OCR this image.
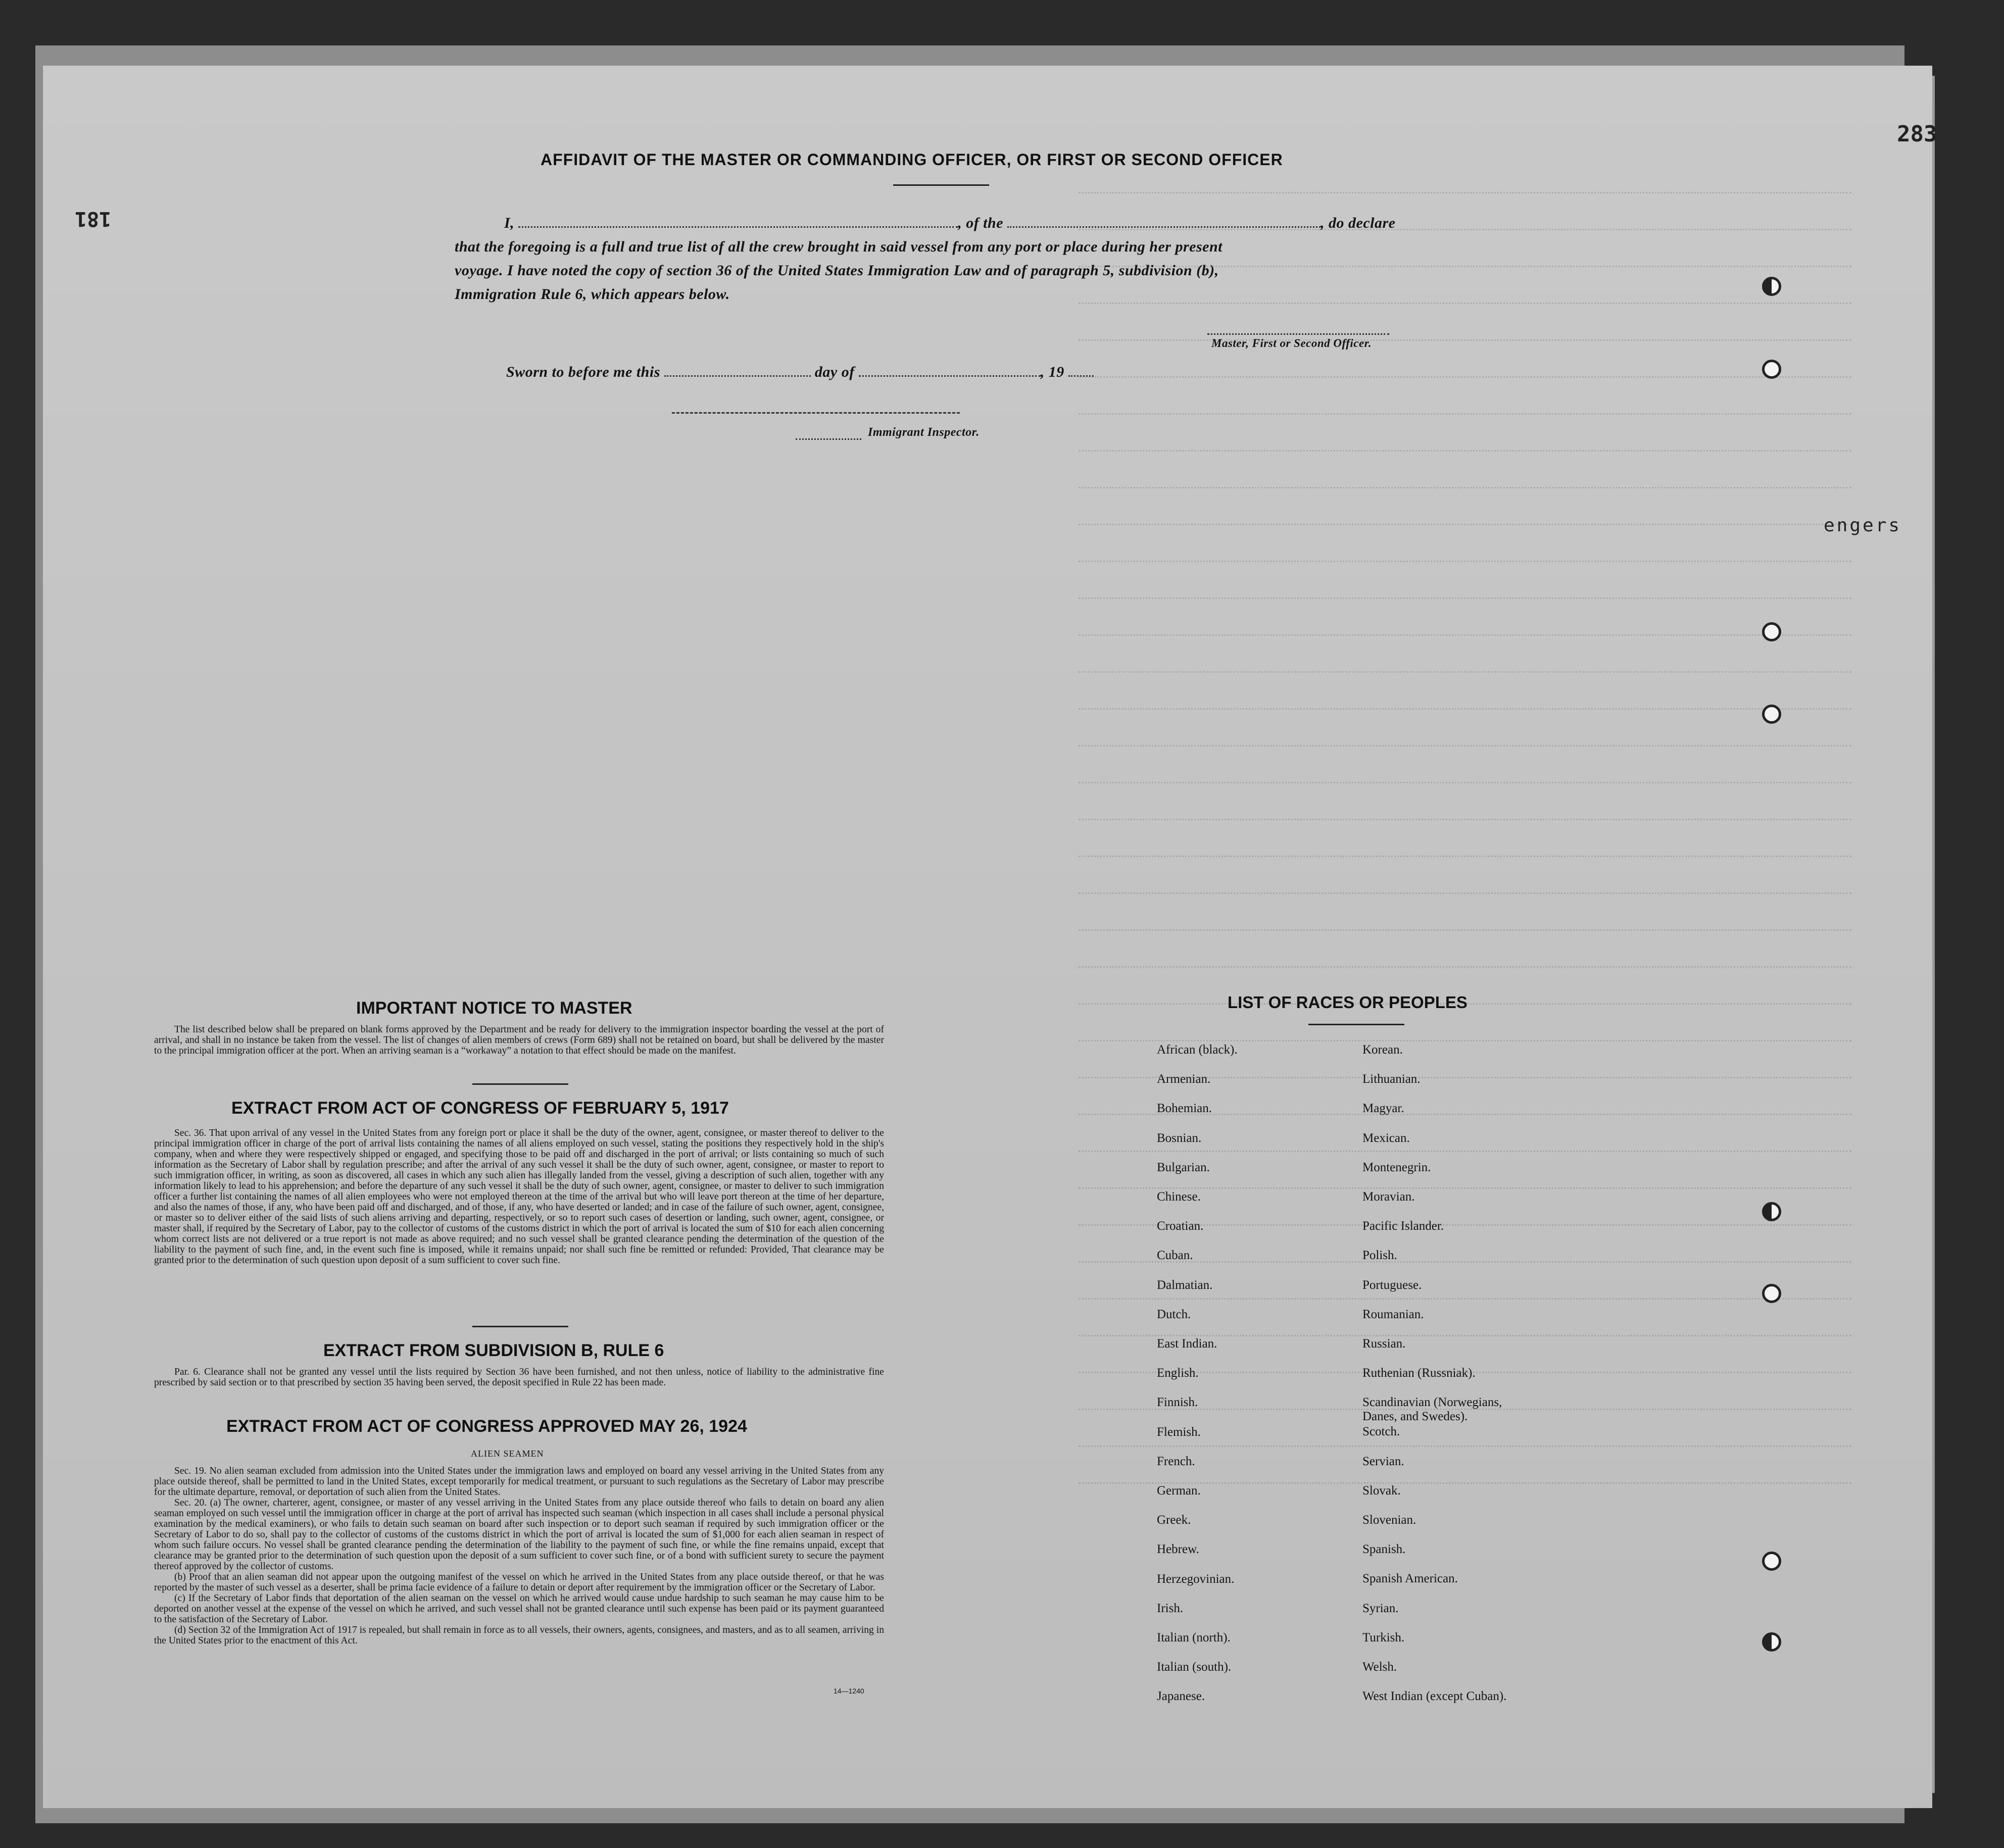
283
181
engers
AFFIDAVIT OF THE MASTER OR COMMANDING OFFICER, OR FIRST OR SECOND OFFICER
I,	, of the	, do declare
that the foregoing is a full and true list of all the crew brought in said vessel from any port or place during her present
voyage. I have noted the copy of section 36 of the United States Immigration Law and of paragraph 5, subdivision (b),
Immigration Rule 6, which appears below.
Master, First or Second Officer.
Sworn to before me this	day of	, 19
Immigrant Inspector.
IMPORTANT NOTICE TO MASTER

The list described below shall be prepared on blank forms approved by the Department and be ready for delivery to the immigration inspector boarding the vessel at the port of arrival, and shall in no instance be taken from the vessel. The list of changes of alien members of crews (Form 689) shall not be retained on board, but shall be delivered by the master to the principal immigration officer at the port. When an arriving seaman is a “workaway” a notation to that effect should be made on the manifest.

EXTRACT FROM ACT OF CONGRESS OF FEBRUARY 5, 1917

Sec. 36. That upon arrival of any vessel in the United States from any foreign port or place it shall be the duty of the owner, agent, consignee, or master thereof to deliver to the principal immigration officer in charge of the port of arrival lists containing the names of all aliens employed on such vessel, stating the positions they respectively hold in the ship's company, when and where they were respectively shipped or engaged, and specifying those to be paid off and discharged in the port of arrival; or lists containing so much of such information as the Secretary of Labor shall by regulation prescribe; and after the arrival of any such vessel it shall be the duty of such owner, agent, consignee, or master to report to such immigration officer, in writing, as soon as discovered, all cases in which any such alien has illegally landed from the vessel, giving a description of such alien, together with any information likely to lead to his apprehension; and before the departure of any such vessel it shall be the duty of such owner, agent, consignee, or master to deliver to such immigration officer a further list containing the names of all alien employees who were not employed thereon at the time of the arrival but who will leave port thereon at the time of her departure, and also the names of those, if any, who have been paid off and discharged, and of those, if any, who have deserted or landed; and in case of the failure of such owner, agent, consignee, or master so to deliver either of the said lists of such aliens arriving and departing, respectively, or so to report such cases of desertion or landing, such owner, agent, consignee, or master shall, if required by the Secretary of Labor, pay to the collector of customs of the customs district in which the port of arrival is located the sum of $10 for each alien concerning whom correct lists are not delivered or a true report is not made as above required; and no such vessel shall be granted clearance pending the determination of the question of the liability to the payment of such fine, and, in the event such fine is imposed, while it remains unpaid; nor shall such fine be remitted or refunded: Provided, That clearance may be granted prior to the determination of such question upon deposit of a sum sufficient to cover such fine.

EXTRACT FROM SUBDIVISION B, RULE 6

Par. 6. Clearance shall not be granted any vessel until the lists required by Section 36 have been furnished, and not then unless, notice of liability to the administrative fine prescribed by said section or to that prescribed by section 35 having been served, the deposit specified in Rule 22 has been made.

EXTRACT FROM ACT OF CONGRESS APPROVED MAY 26, 1924
ALIEN SEAMEN

Sec. 19. No alien seaman excluded from admission into the United States under the immigration laws and employed on board any vessel arriving in the United States from any place outside thereof, shall be permitted to land in the United States, except temporarily for medical treatment, or pursuant to such regulations as the Secretary of Labor may prescribe for the ultimate departure, removal, or deportation of such alien from the United States.

Sec. 20. (a) The owner, charterer, agent, consignee, or master of any vessel arriving in the United States from any place outside thereof who fails to detain on board any alien seaman employed on such vessel until the immigration officer in charge at the port of arrival has inspected such seaman (which inspection in all cases shall include a personal physical examination by the medical examiners), or who fails to detain such seaman on board after such inspection or to deport such seaman if required by such immigration officer or the Secretary of Labor to do so, shall pay to the collector of customs of the customs district in which the port of arrival is located the sum of $1,000 for each alien seaman in respect of whom such failure occurs. No vessel shall be granted clearance pending the determination of the liability to the payment of such fine, or while the fine remains unpaid, except that clearance may be granted prior to the determination of such question upon the deposit of a sum sufficient to cover such fine, or of a bond with sufficient surety to secure the payment thereof approved by the collector of customs.

(b) Proof that an alien seaman did not appear upon the outgoing manifest of the vessel on which he arrived in the United States from any place outside thereof, or that he was reported by the master of such vessel as a deserter, shall be prima facie evidence of a failure to detain or deport after requirement by the immigration officer or the Secretary of Labor.

(c) If the Secretary of Labor finds that deportation of the alien seaman on the vessel on which he arrived would cause undue hardship to such seaman he may cause him to be deported on another vessel at the expense of the vessel on which he arrived, and such vessel shall not be granted clearance until such expense has been paid or its payment guaranteed to the satisfaction of the Secretary of Labor.

(d) Section 32 of the Immigration Act of 1917 is repealed, but shall remain in force as to all vessels, their owners, agents, consignees, and masters, and as to all seamen, arriving in the United States prior to the enactment of this Act.

14—1240
LIST OF RACES OR PEOPLES
African (black).
Armenian.
Bohemian.
Bosnian.
Bulgarian.
Chinese.
Croatian.
Cuban.
Dalmatian.
Dutch.
East Indian.
English.
Finnish.
Flemish.
French.
German.
Greek.
Hebrew.
Herzegovinian.
Irish.
Italian (north).
Italian (south).
Japanese.
Korean.
Lithuanian.
Magyar.
Mexican.
Montenegrin.
Moravian.
Pacific Islander.
Polish.
Portuguese.
Roumanian.
Russian.
Ruthenian (Russniak).
Scandinavian (Norwegians,
Danes, and Swedes).
Scotch.
Servian.
Slovak.
Slovenian.
Spanish.
Spanish American.
Syrian.
Turkish.
Welsh.
West Indian (except Cuban).
